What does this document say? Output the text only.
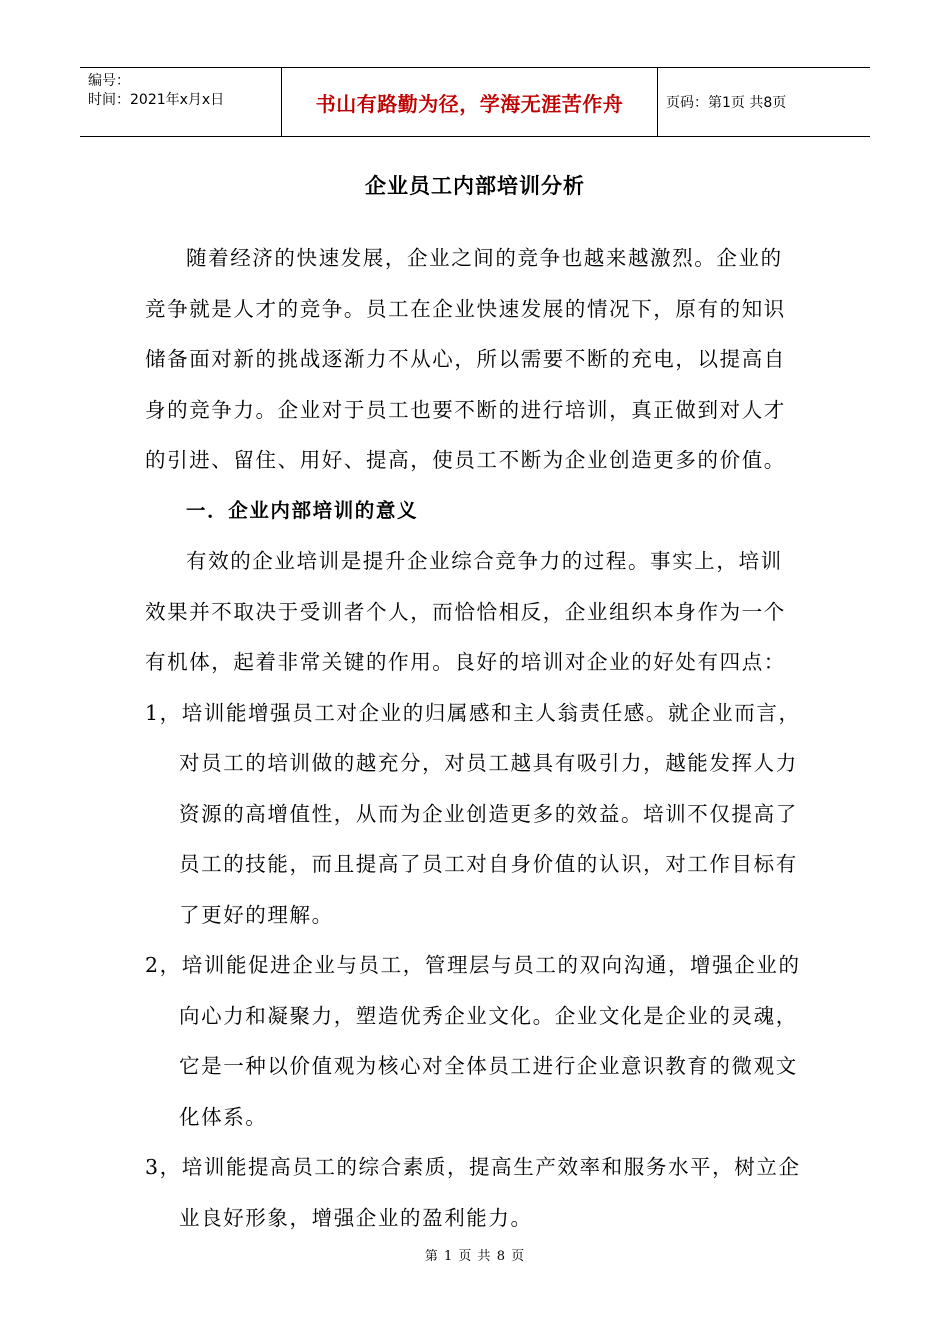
编号：
时间：2021年x月x日	书山有路勤为径，学海无涯苦作舟	页码：第1页 共8页
企业员工内部培训分析
随着经济的快速发展，企业之间的竞争也越来越激烈。企业的
竞争就是人才的竞争。员工在企业快速发展的情况下，原有的知识
储备面对新的挑战逐渐力不从心，所以需要不断的充电，以提高自
身的竞争力。企业对于员工也要不断的进行培训，真正做到对人才
的引进、留住、用好、提高，使员工不断为企业创造更多的价值。
一．企业内部培训的意义
有效的企业培训是提升企业综合竞争力的过程。事实上，培训
效果并不取决于受训者个人，而恰恰相反，企业组织本身作为一个
有机体，起着非常关键的作用。良好的培训对企业的好处有四点：
1，培训能增强员工对企业的归属感和主人翁责任感。就企业而言，
对员工的培训做的越充分，对员工越具有吸引力，越能发挥人力
资源的高增值性，从而为企业创造更多的效益。培训不仅提高了
员工的技能，而且提高了员工对自身价值的认识，对工作目标有
了更好的理解。
2，培训能促进企业与员工，管理层与员工的双向沟通，增强企业的
向心力和凝聚力，塑造优秀企业文化。企业文化是企业的灵魂，
它是一种以价值观为核心对全体员工进行企业意识教育的微观文
化体系。
3，培训能提高员工的综合素质，提高生产效率和服务水平，树立企
业良好形象，增强企业的盈利能力。
第 1 页 共 8 页
